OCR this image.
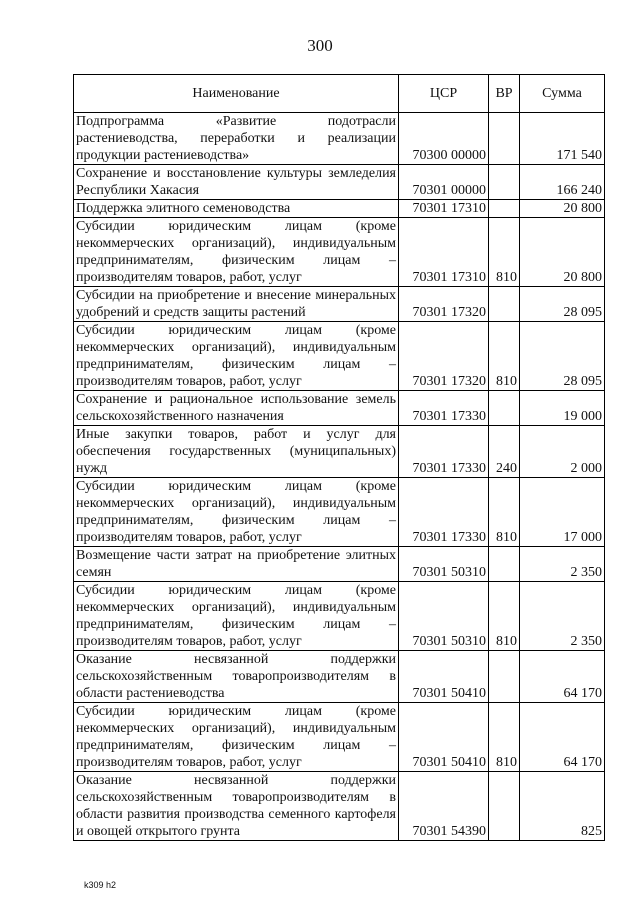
300
Наименование	ЦСР	ВР	Сумма
Подпрограмма «Развитие подотрасли растениеводства, переработки и реализации продукции растениеводства»	70300 00000		171 540
Сохранение и восстановление культуры земледелия Республики Хакасия	70301 00000		166 240
Поддержка элитного семеноводства	70301 17310		20 800
Субсидии юридическим лицам (кроме некоммерческих организаций), индивидуальным предпринимателям, физическим лицам – производителям товаров, работ, услуг	70301 17310	810	20 800
Субсидии на приобретение и внесение минеральных удобрений и средств защиты растений	70301 17320		28 095
Субсидии юридическим лицам (кроме некоммерческих организаций), индивидуальным предпринимателям, физическим лицам – производителям товаров, работ, услуг	70301 17320	810	28 095
Сохранение и рациональное использование земель сельскохозяйственного назначения	70301 17330		19 000
Иные закупки товаров, работ и услуг для обеспечения государственных (муниципальных) нужд	70301 17330	240	2 000
Субсидии юридическим лицам (кроме некоммерческих организаций), индивидуальным предпринимателям, физическим лицам – производителям товаров, работ, услуг	70301 17330	810	17 000
Возмещение части затрат на приобретение элитных семян	70301 50310		2 350
Субсидии юридическим лицам (кроме некоммерческих организаций), индивидуальным предпринимателям, физическим лицам – производителям товаров, работ, услуг	70301 50310	810	2 350
Оказание несвязанной поддержки сельскохозяйственным товаропроизводителям в области растениеводства	70301 50410		64 170
Субсидии юридическим лицам (кроме некоммерческих организаций), индивидуальным предпринимателям, физическим лицам – производителям товаров, работ, услуг	70301 50410	810	64 170
Оказание несвязанной поддержки сельскохозяйственным товаропроизводителям в области развития производства семенного картофеля и овощей открытого грунта	70301 54390		825
k309 h2
